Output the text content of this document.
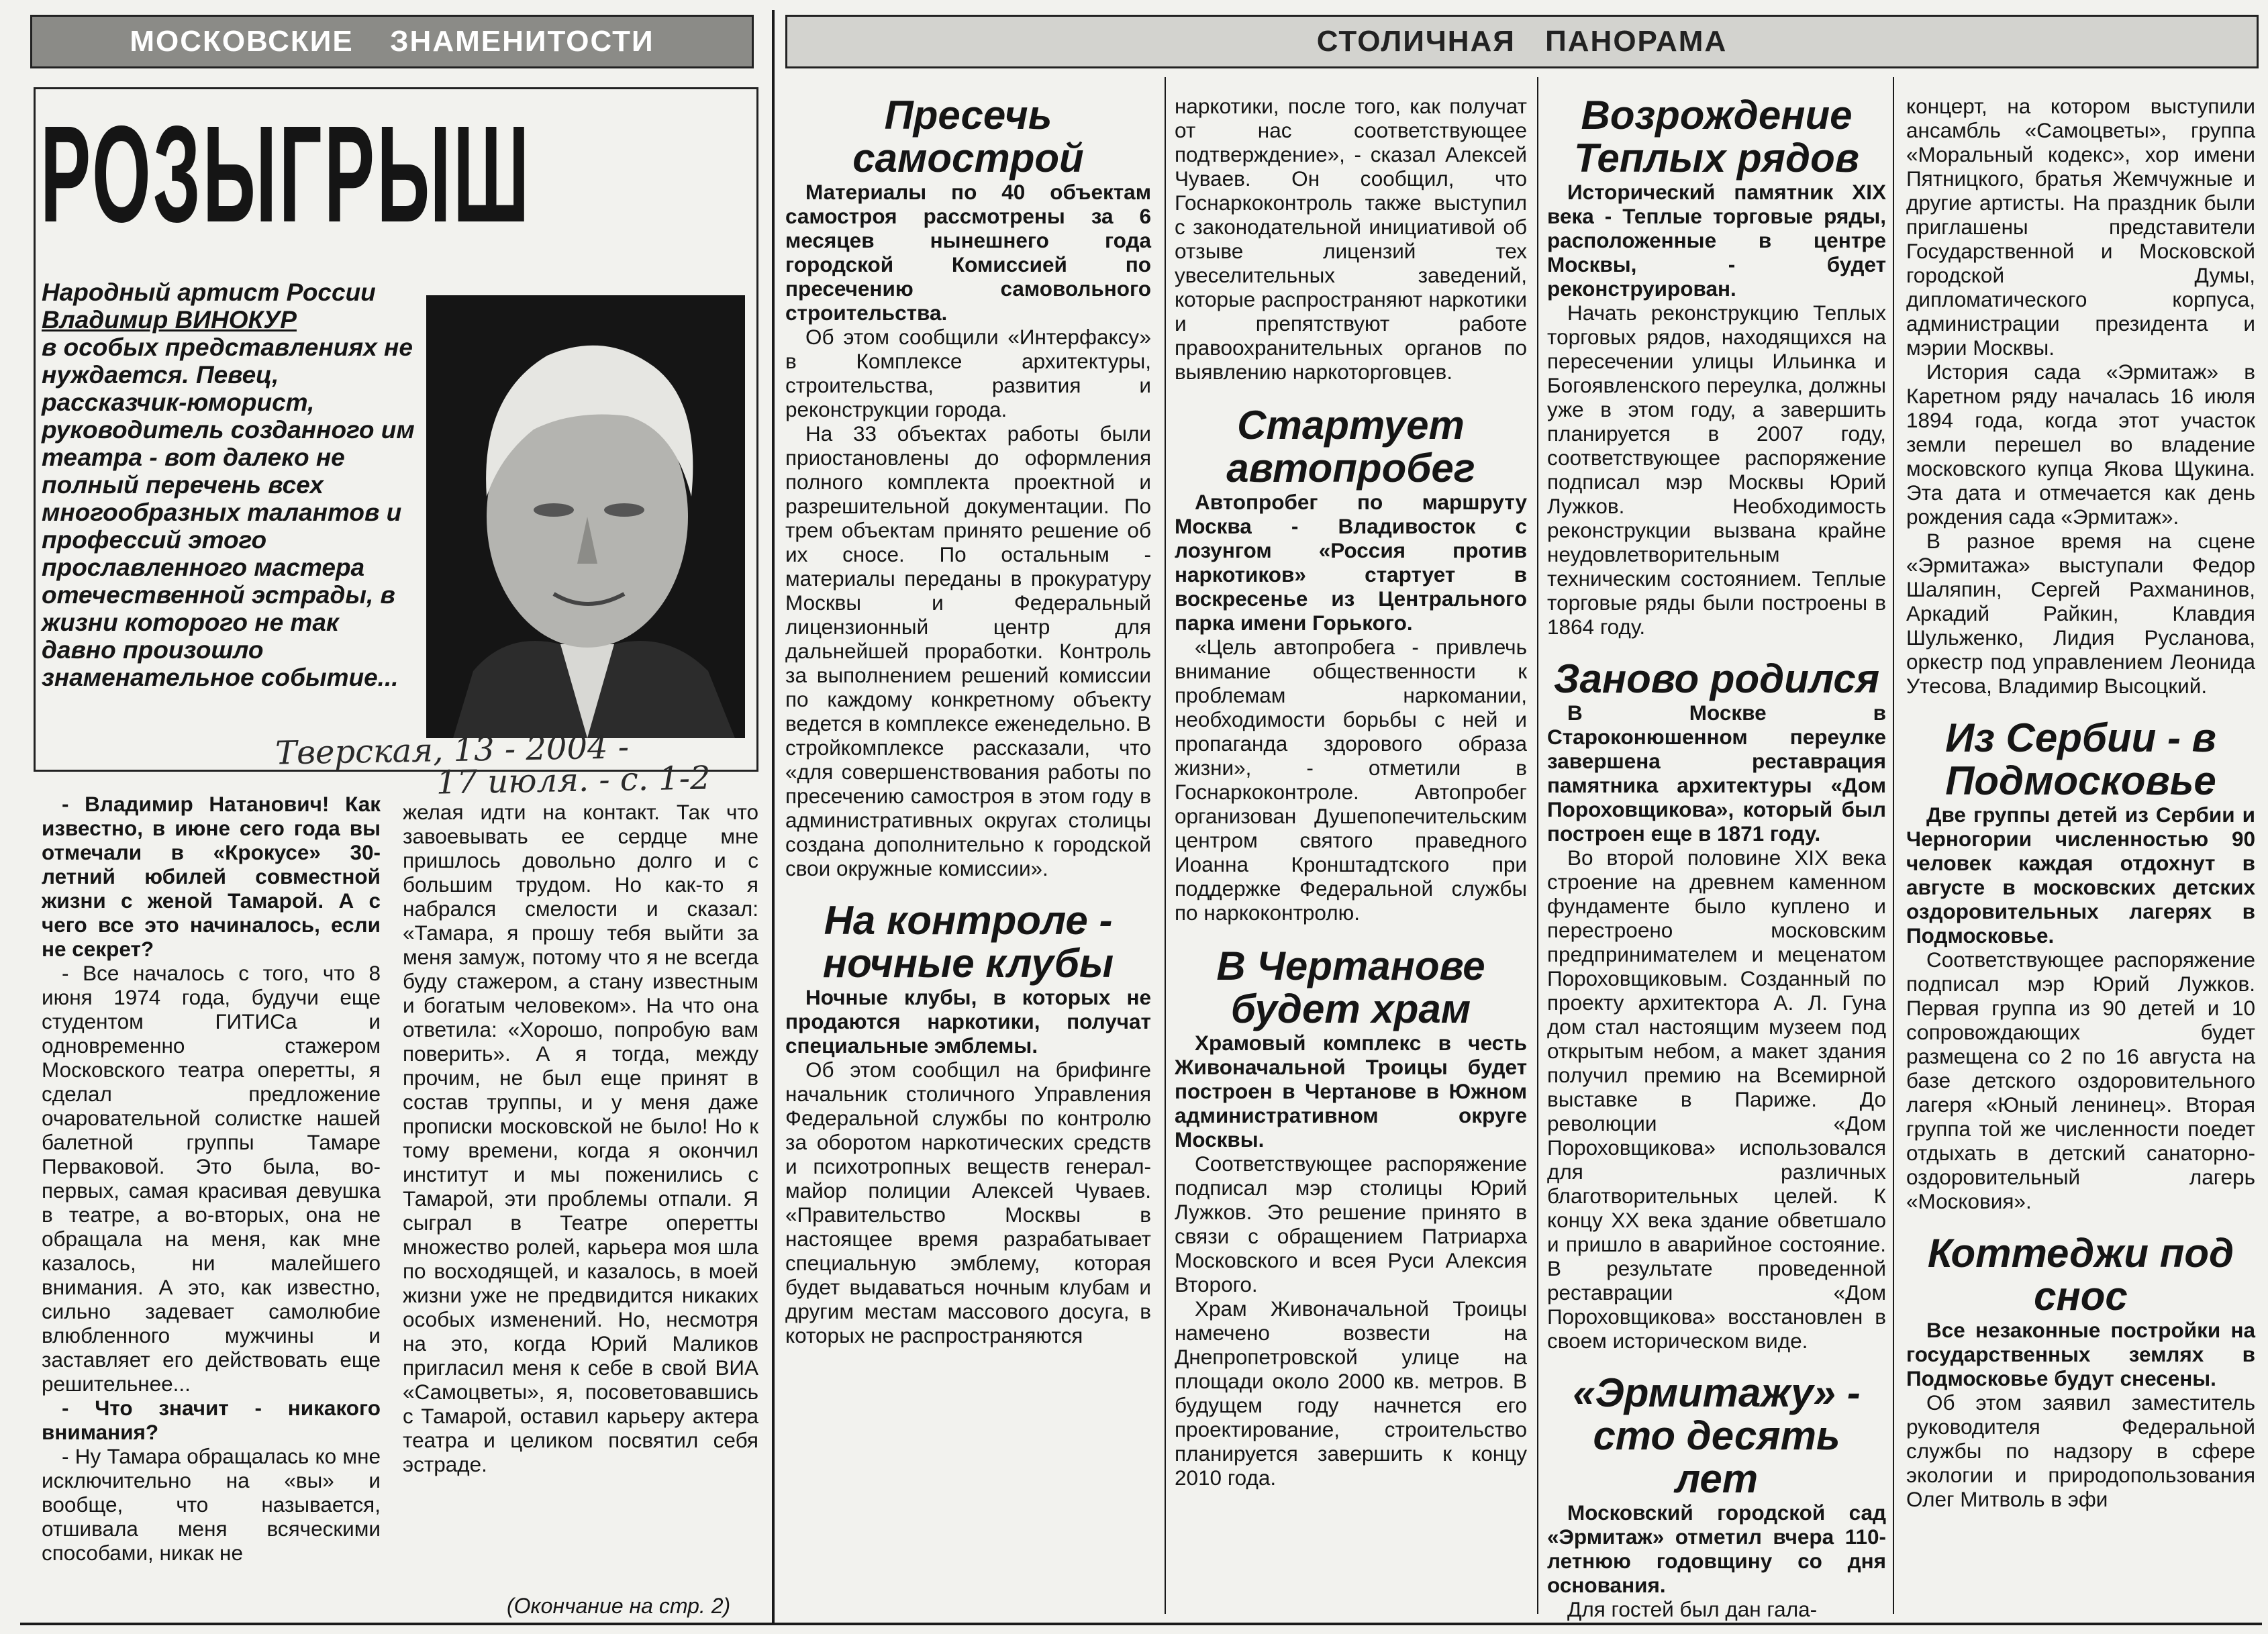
МОСКОВСКИЕ ЗНАМЕНИТОСТИ	СТОЛИЧНАЯ ПАНОРАМА
РОЗЫГРЫШ
Народный артист России
Владимир ВИНОКУР
в особых представлениях не нуждается. Певец, рассказчик-юморист, руководитель созданного им театра - вот далеко не полный перечень всех многообразных талантов и профессий этого прославленного мастера отечественной эстрады, в жизни которого не так давно произошло знаменательное событие...
Тверская, 13 - 2004 -
17 июля. - с. 1-2

- Владимир Натанович! Как известно, в июне сего года вы отмечали в «Крокусе» 30-летний юбилей совместной жизни с женой Тамарой. А с чего все это начиналось, если не секрет?

- Все началось с того, что 8 июня 1974 года, будучи еще студентом ГИТИСа и одновременно стажером Московского театра оперетты, я сделал предложение очаровательной солистке нашей балетной группы Тамаре Перваковой. Это была, во-первых, самая красивая девушка в театре, а во-вторых, она не обращала на меня, как мне казалось, ни малейшего внимания. А это, как известно, сильно задевает самолюбие влюбленного мужчины и заставляет его действовать еще решительнее...

- Что значит - никакого внимания?

- Ну Тамара обращалась ко мне исключительно на «вы» и вообще, что называется, отшивала меня всяческими способами, никак не

желая идти на контакт. Так что завоевывать ее сердце мне пришлось довольно долго и с большим трудом. Но как-то я набрался смелости и сказал: «Тамара, я прошу тебя выйти за меня замуж, потому что я не всегда буду стажером, а стану известным и богатым человеком». На что она ответила: «Хорошо, попробую вам поверить». А я тогда, между прочим, не был еще принят в состав труппы, и у меня даже прописки московской не было! Но к тому времени, когда я окончил институт и мы поженились с Тамарой, эти проблемы отпали. Я сыграл в Театре оперетты множество ролей, карьера моя шла по восходящей, и казалось, в моей жизни уже не предвидится никаких особых изменений. Но, несмотря на это, когда Юрий Маликов пригласил меня к себе в свой ВИА «Самоцветы», я, посоветовавшись с Тамарой, оставил карьеру актера театра и целиком посвятил себя эстраде.

(Окончание на стр. 2)
Пресечь самострой

Материалы по 40 объектам самостроя рассмотрены за 6 месяцев нынешнего года городской Комиссией по пресечению самовольного строительства.

Об этом сообщили «Интерфаксу» в Комплексе архитектуры, строительства, развития и реконструкции города.

На 33 объектах работы были приостановлены до оформления полного комплекта проектной и разрешительной документации. По трем объектам принято решение об их сносе. По остальным - материалы переданы в прокуратуру Москвы и Федеральный лицензионный центр для дальнейшей проработки. Контроль за выполнением решений комиссии по каждому конкретному объекту ведется в комплексе еженедельно. В стройкомплексе рассказали, что «для совершенствования работы по пресечению самостроя в этом году в административных округах столицы создана дополнительно к городской свои окружные комиссии».

На контроле - ночные клубы

Ночные клубы, в которых не продаются наркотики, получат специальные эмблемы.

Об этом сообщил на брифинге начальник столичного Управления Федеральной службы по контролю за оборотом наркотических средств и психотропных веществ генерал-майор полиции Алексей Чуваев. «Правительство Москвы в настоящее время разрабатывает специальную эмблему, которая будет выдаваться ночным клубам и другим местам массового досуга, в которых не распространяются

наркотики, после того, как получат от нас соответствующее подтверждение», - сказал Алексей Чуваев. Он сообщил, что Госнаркоконтроль также выступил с законодательной инициативой об отзыве лицензий тех увеселительных заведений, которые распространяют наркотики и препятствуют работе правоохранительных органов по выявлению наркоторговцев.

Стартует автопробег

Автопробег по маршруту Москва - Владивосток с лозунгом «Россия против наркотиков» стартует в воскресенье из Центрального парка имени Горького.

«Цель автопробега - привлечь внимание общественности к проблемам наркомании, необходимости борьбы с ней и пропаганда здорового образа жизни», - отметили в Госнаркоконтроле. Автопробег организован Душепопечительским центром святого праведного Иоанна Кронштадтского при поддержке Федеральной службы по наркоконтролю.

В Чертанове будет храм

Храмовый комплекс в честь Живоначальной Троицы будет построен в Чертанове в Южном административном округе Москвы.

Соответствующее распоряжение подписал мэр столицы Юрий Лужков. Это решение принято в связи с обращением Патриарха Московского и всея Руси Алексия Второго.

Храм Живоначальной Троицы намечено возвести на Днепропетровской улице на площади около 2000 кв. метров. В будущем году начнется его проектирование, строительство планируется завершить к концу 2010 года.

Возрождение Теплых рядов

Исторический памятник XIX века - Теплые торговые ряды, расположенные в центре Москвы, - будет реконструирован.

Начать реконструкцию Теплых торговых рядов, находящихся на пересечении улицы Ильинка и Богоявленского переулка, должны уже в этом году, а завершить планируется в 2007 году, соответствующее распоряжение подписал мэр Москвы Юрий Лужков. Необходимость реконструкции вызвана крайне неудовлетворительным техническим состоянием. Теплые торговые ряды были построены в 1864 году.

Заново родился

В Москве в Староконюшенном переулке завершена реставрация памятника архитектуры «Дом Пороховщикова», который был построен еще в 1871 году.

Во второй половине XIX века строение на древнем каменном фундаменте было куплено и перестроено московским предпринимателем и меценатом Пороховщиковым. Созданный по проекту архитектора А. Л. Гуна дом стал настоящим музеем под открытым небом, а макет здания получил премию на Всемирной выставке в Париже. До революции «Дом Пороховщикова» использовался для различных благотворительных целей. К концу XX века здание обветшало и пришло в аварийное состояние. В результате проведенной реставрации «Дом Пороховщикова» восстановлен в своем историческом виде.

«Эрмитажу» - сто десять лет

Московский городской сад «Эрмитаж» отметил вчера 110-летнюю годовщину со дня основания.

Для гостей был дан гала-

концерт, на котором выступили ансамбль «Самоцветы», группа «Моральный кодекс», хор имени Пятницкого, братья Жемчужные и другие артисты. На праздник были приглашены представители Государственной и Московской городской Думы, дипломатического корпуса, администрации президента и мэрии Москвы.

История сада «Эрмитаж» в Каретном ряду началась 16 июля 1894 года, когда этот участок земли перешел во владение московского купца Якова Щукина. Эта дата и отмечается как день рождения сада «Эрмитаж».

В разное время на сцене «Эрмитажа» выступали Федор Шаляпин, Сергей Рахманинов, Аркадий Райкин, Клавдия Шульженко, Лидия Русланова, оркестр под управлением Леонида Утесова, Владимир Высоцкий.

Из Сербии - в Подмосковье

Две группы детей из Сербии и Черногории численностью 90 человек каждая отдохнут в августе в московских детских оздоровительных лагерях в Подмосковье.

Соответствующее распоряжение подписал мэр Юрий Лужков. Первая группа из 90 детей и 10 сопровождающих будет размещена со 2 по 16 августа на базе детского оздоровительного лагеря «Юный ленинец». Вторая группа той же численности поедет отдыхать в детский санаторно-оздоровительный лагерь «Московия».

Коттеджи под снос

Все незаконные постройки на государственных землях в Подмосковье будут снесены.

Об этом заявил заместитель руководителя Федеральной службы по надзору в сфере экологии и природопользования Олег Митволь в эфи
